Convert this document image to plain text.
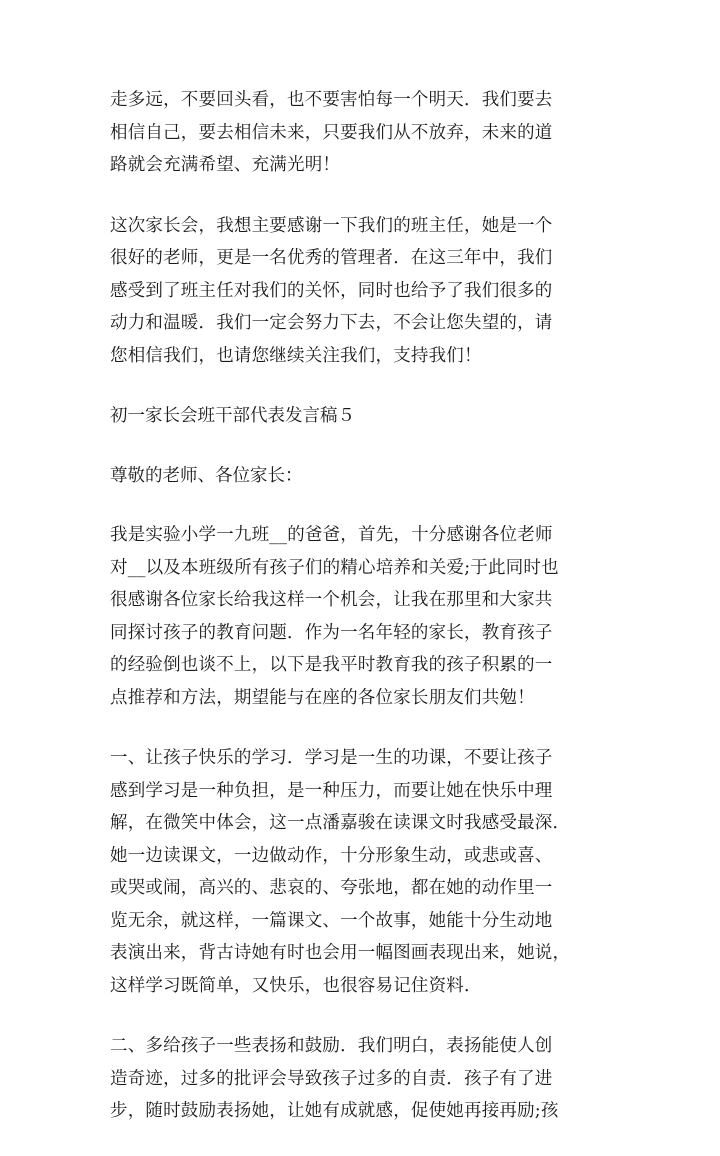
走多远，不要回头看，也不要害怕每一个明天．我们要去
相信自己，要去相信未来，只要我们从不放弃，未来的道
路就会充满希望、充满光明！

这次家长会，我想主要感谢一下我们的班主任，她是一个
很好的老师，更是一名优秀的管理者．在这三年中，我们
感受到了班主任对我们的关怀，同时也给予了我们很多的
动力和温暖．我们一定会努力下去，不会让您失望的，请
您相信我们，也请您继续关注我们，支持我们！

初一家长会班干部代表发言稿５

尊敬的老师、各位家长：

我是实验小学一九班__的爸爸，首先，十分感谢各位老师
对__以及本班级所有孩子们的精心培养和关爱;于此同时也
很感谢各位家长给我这样一个机会，让我在那里和大家共
同探讨孩子的教育问题．作为一名年轻的家长，教育孩子
的经验倒也谈不上，以下是我平时教育我的孩子积累的一
点推荐和方法，期望能与在座的各位家长朋友们共勉！

一、让孩子快乐的学习．学习是一生的功课，不要让孩子
感到学习是一种负担，是一种压力，而要让她在快乐中理
解，在微笑中体会，这一点潘嘉骏在读课文时我感受最深．
她一边读课文，一边做动作，十分形象生动，或悲或喜、
或哭或闹，高兴的、悲哀的、夸张地，都在她的动作里一
览无余，就这样，一篇课文、一个故事，她能十分生动地
表演出来，背古诗她有时也会用一幅图画表现出来，她说，
这样学习既简单，又快乐，也很容易记住资料．

二、多给孩子一些表扬和鼓励．我们明白，表扬能使人创
造奇迹，过多的批评会导致孩子过多的自责．孩子有了进
步，随时鼓励表扬她，让她有成就感，促使她再接再励;孩
